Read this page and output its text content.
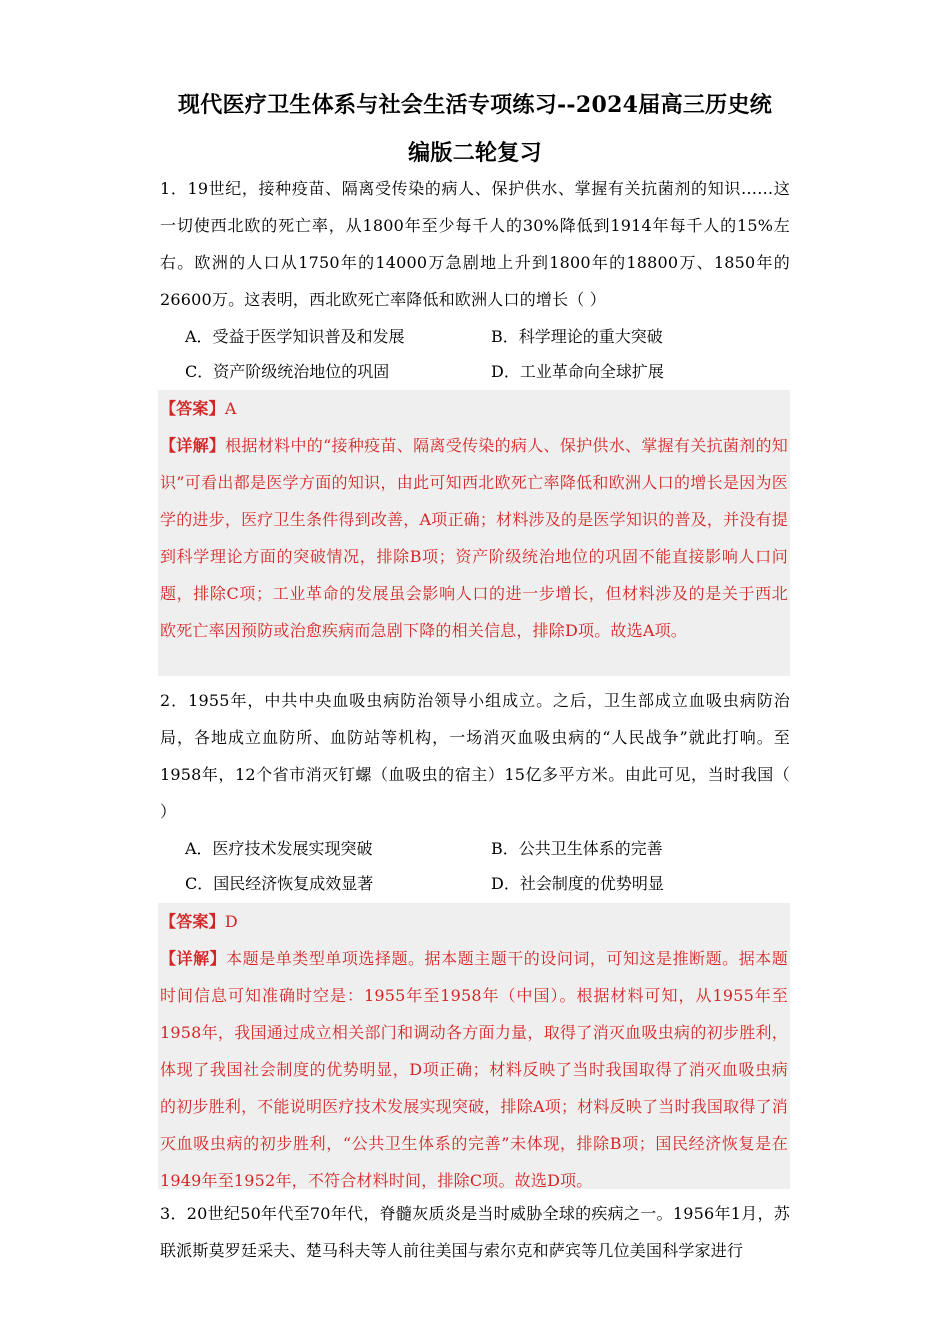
现代医疗卫生体系与社会生活专项练习--2024届高三历史统
编版二轮复习

1．19世纪，接种疫苗、隔离受传染的病人、保护供水、掌握有关抗菌剂的知识……这一切使西北欧的死亡率，从1800年至少每千人的30%降低到1914年每千人的15%左右。欧洲的人口从1750年的14000万急剧地上升到1800年的18800万、1850年的26600万。这表明，西北欧死亡率降低和欧洲人口的增长（ ）

A．受益于医学知识普及和发展	B．科学理论的重大突破
C．资产阶级统治地位的巩固	D．工业革命向全球扩展

【答案】A

【详解】根据材料中的“接种疫苗、隔离受传染的病人、保护供水、掌握有关抗菌剂的知识”可看出都是医学方面的知识，由此可知西北欧死亡率降低和欧洲人口的增长是因为医学的进步，医疗卫生条件得到改善，A项正确；材料涉及的是医学知识的普及，并没有提到科学理论方面的突破情况，排除B项；资产阶级统治地位的巩固不能直接影响人口问题，排除C项；工业革命的发展虽会影响人口的进一步增长，但材料涉及的是关于西北欧死亡率因预防或治愈疾病而急剧下降的相关信息，排除D项。故选A项。

2．1955年，中共中央血吸虫病防治领导小组成立。之后，卫生部成立血吸虫病防治局，各地成立血防所、血防站等机构，一场消灭血吸虫病的“人民战争”就此打响。至1958年，12个省市消灭钉螺（血吸虫的宿主）15亿多平方米。由此可见，当时我国（ ）

A．医疗技术发展实现突破	B．公共卫生体系的完善
C．国民经济恢复成效显著	D．社会制度的优势明显

【答案】D

【详解】本题是单类型单项选择题。据本题主题干的设问词，可知这是推断题。据本题时间信息可知准确时空是：1955年至1958年（中国）。根据材料可知，从1955年至1958年，我国通过成立相关部门和调动各方面力量，取得了消灭血吸虫病的初步胜利，体现了我国社会制度的优势明显，D项正确；材料反映了当时我国取得了消灭血吸虫病的初步胜利，不能说明医疗技术发展实现突破，排除A项；材料反映了当时我国取得了消灭血吸虫病的初步胜利，“公共卫生体系的完善”未体现，排除B项；国民经济恢复是在1949年至1952年，不符合材料时间，排除C项。故选D项。

3．20世纪50年代至70年代，脊髓灰质炎是当时威胁全球的疾病之一。1956年1月，苏联派斯莫罗廷采夫、楚马科夫等人前往美国与索尔克和萨宾等几位美国科学家进行
